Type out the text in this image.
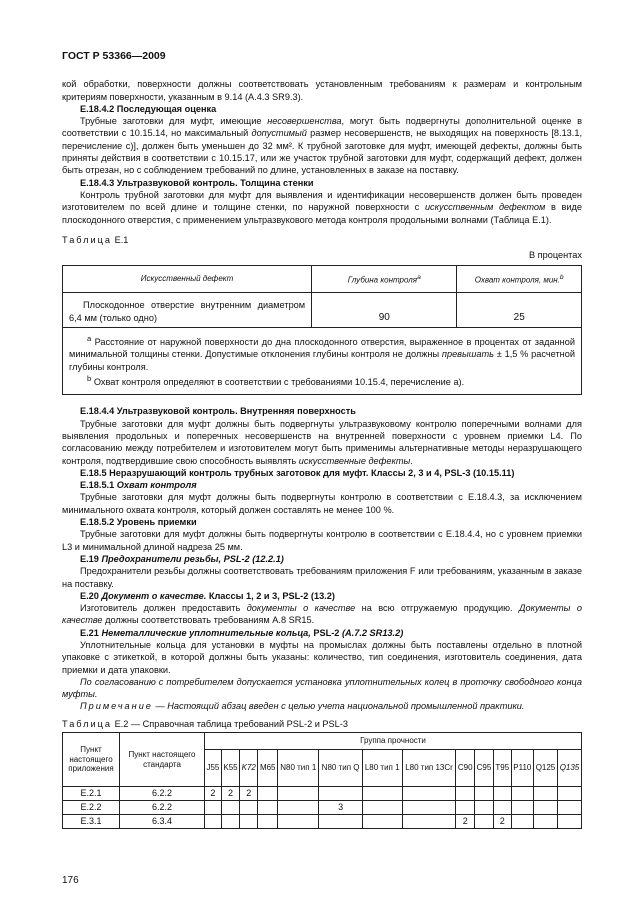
ГОСТ Р 53366—2009

кой обработки, поверхности должны соответствовать установленным требованиям к размерам и контрольным критериям поверхности, указанным в 9.14 (А.4.3 SR9.3).

Е.18.4.2 Последующая оценка

Трубные заготовки для муфт, имеющие несовершенства, могут быть подвергнуты дополнительной оценке в соответствии с 10.15.14, но максимальный допустимый размер несовершенств, не выходящих на поверхность [8.13.1, перечисление с)], должен быть уменьшен до 32 мм². К трубной заготовке для муфт, имеющей дефекты, должны быть приняты действия в соответствии с 10.15.17, или же участок трубной заготовки для муфт, содержащий дефект, должен быть отрезан, но с соблюдением требований по длине, установленных в заказе на поставку.

Е.18.4.3 Ультразвуковой контроль. Толщина стенки

Контроль трубной заготовки для муфт для выявления и идентификации несовершенств должен быть проведен изготовителем по всей длине и толщине стенки, по наружной поверхности с искусственным дефектом в виде плоскодонного отверстия, с применением ультразвукового метода контроля продольными волнами (Таблица Е.1).

Таблица Е.1
В процентах
Искусственный дефект	Глубина контроля$^а$	Охват контроля, мин.$^b$
Плоскодонное отверстие внутренним диаметром 6,4 мм (только одно)	90	25

$^а$ Расстояние от наружной поверхности до дна плоскодонного отверстия, выраженное в процентах от заданной минимальной толщины стенки. Допустимые отклонения глубины контроля не должны превышать ± 1,5 % расчетной глубины контроля.

$^b$ Охват контроля определяют в соответствии с требованиями 10.15.4, перечисление а).		

Е.18.4.4 Ультразвуковой контроль. Внутренняя поверхность

Трубные заготовки для муфт должны быть подвергнуты ультразвуковому контролю поперечными волнами для выявления продольных и поперечных несовершенств на внутренней поверхности с уровнем приемки L4. По согласованию между потребителем и изготовителем могут быть применимы альтернативные методы неразрушающего контроля, подтвердившие свою способность выявлять искусственные дефекты.

Е.18.5 Неразрушающий контроль трубных заготовок для муфт. Классы 2, 3 и 4, PSL-3 (10.15.11)

Е.18.5.1 Охват контроля

Трубные заготовки для муфт должны быть подвергнуты контролю в соответствии с Е.18.4.3, за исключением минимального охвата контроля, который должен составлять не менее 100 %.

Е.18.5.2 Уровень приемки

Трубные заготовки для муфт должны быть подвергнуты контролю в соответствии с Е.18.4.4, но с уровнем приемки L3 и минимальной длиной надреза 25 мм.

Е.19 Предохранители резьбы, PSL-2 (12.2.1)

Предохранители резьбы должны соответствовать требованиям приложения F или требованиям, указанным в заказе на поставку.

Е.20 Документ о качестве. Классы 1, 2 и 3, PSL-2 (13.2)

Изготовитель должен предоставить документы о качестве на всю отгружаемую продукцию. Документы о качестве должны соответствовать требованиям А.8 SR15.

Е.21 Неметаллические уплотнительные кольца, PSL-2 (А.7.2 SR13.2)

Уплотнительные кольца для установки в муфты на промыслах должны быть поставлены отдельно в плотной упаковке с этикеткой, в которой должны быть указаны: количество, тип соединения, изготовитель соединения, дата приемки и дата упаковки.

По согласованию с потребителем допускается установка уплотнительных колец в проточку свободного конца муфты.

Примечание — Настоящий абзац введен с целью учета национальной промышленной практики.

Таблица Е.2 — Справочная таблица требований PSL-2 и PSL-3
Пункт настоящего приложения	Пункт настоящего стандарта	Группа прочности													
		J55	K55	K72	M65	N80 тип 1	N80 тип Q	L80 тип 1	L80 тип 13Cr	C90	C95	T95	P110	Q125	Q135
Е.2.1	6.2.2	2	2	2											
Е.2.2	6.2.2						3								
Е.3.1	6.3.4									2		2			
176
